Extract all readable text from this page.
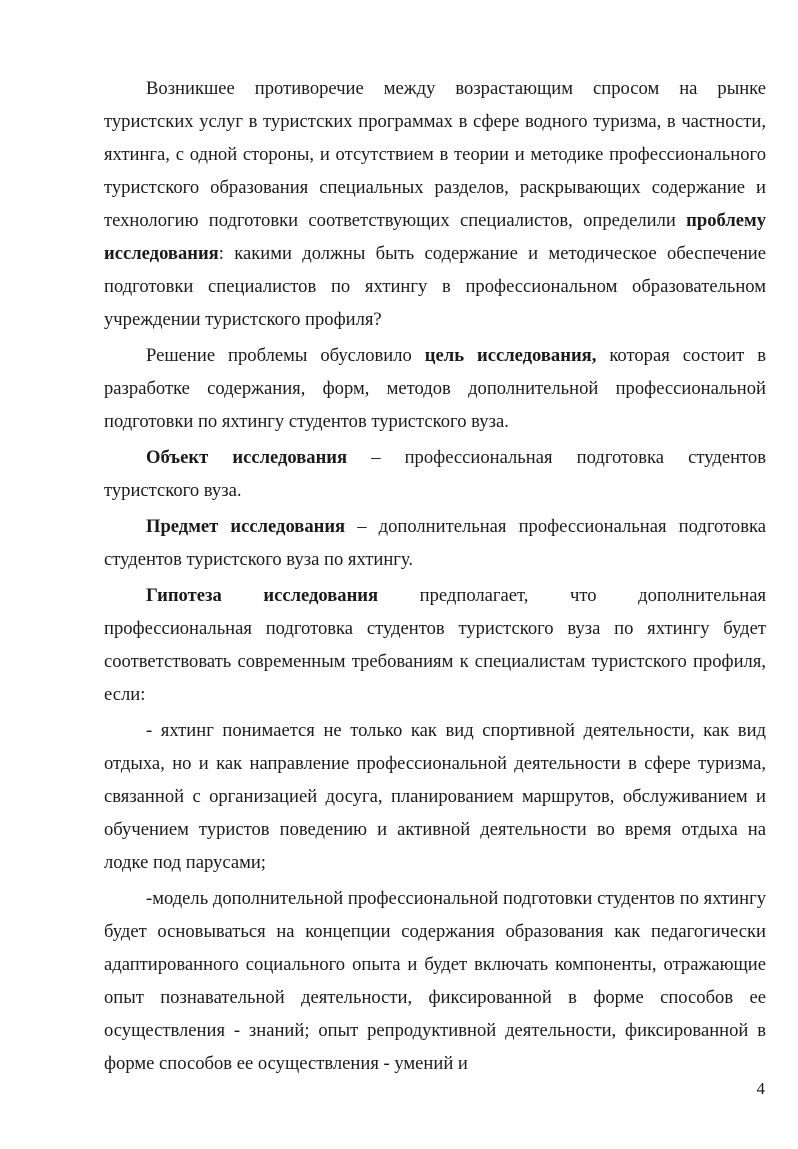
Возникшее противоречие между возрастающим спросом на рынке туристских услуг в туристских программах в сфере водного туризма, в частности, яхтинга, с одной стороны, и отсутствием в теории и методике профессионального туристского образования специальных разделов, раскрывающих содержание и технологию подготовки соответствующих специалистов, определили проблему исследования: какими должны быть содержание и методическое обеспечение подготовки специалистов по яхтингу в профессиональном образовательном учреждении туристского профиля?

Решение проблемы обусловило цель исследования, которая состоит в разработке содержания, форм, методов дополнительной профессиональной подготовки по яхтингу студентов туристского вуза.

Объект исследования – профессиональная подготовка студентов туристского вуза.

Предмет исследования – дополнительная профессиональная подготовка студентов туристского вуза по яхтингу.

Гипотеза исследования предполагает, что дополнительная профессиональная подготовка студентов туристского вуза по яхтингу будет соответствовать современным требованиям к специалистам туристского профиля, если:

- яхтинг понимается не только как вид спортивной деятельности, как вид отдыха, но и как направление профессиональной деятельности в сфере туризма, связанной с организацией досуга, планированием маршрутов, обслуживанием и обучением туристов поведению и активной деятельности во время отдыха на лодке под парусами;

-модель дополнительной профессиональной подготовки студентов по яхтингу будет основываться на концепции содержания образования как педагогически адаптированного социального опыта и будет включать компоненты, отражающие опыт познавательной деятельности, фиксированной в форме способов ее осуществления - знаний; опыт репродуктивной деятельности, фиксированной в форме способов ее осуществления - умений и

4
